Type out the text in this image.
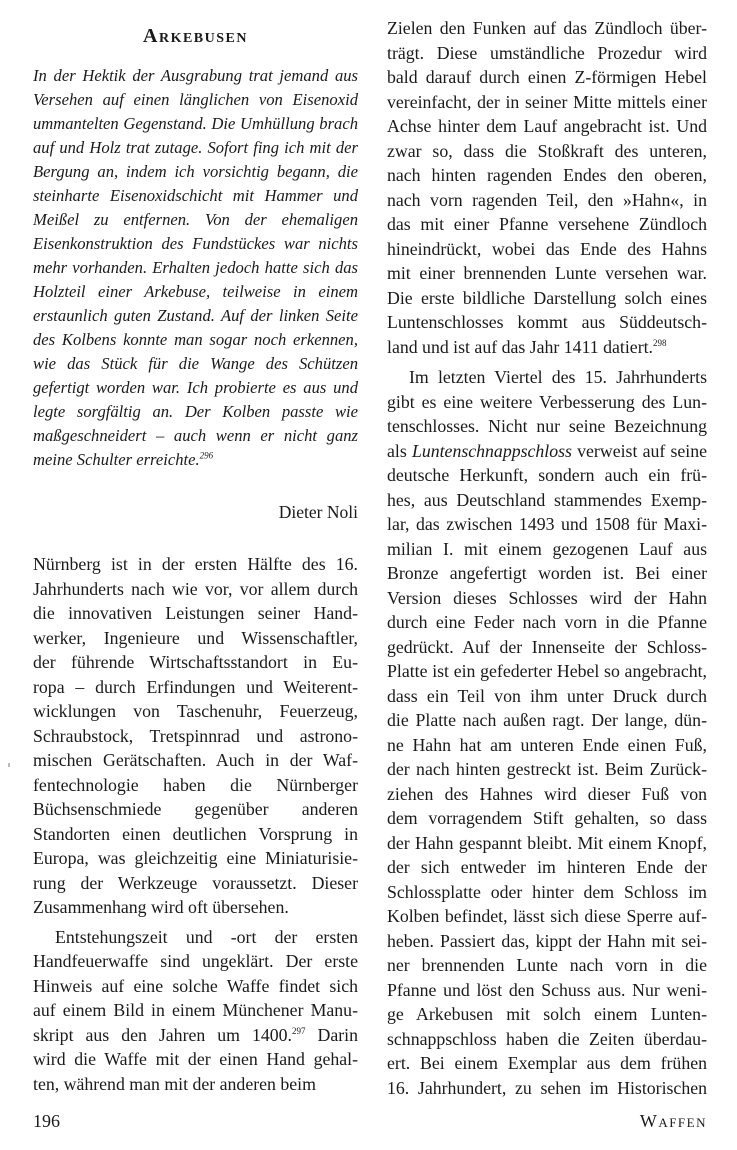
Arkebusen

In der Hektik der Ausgrabung trat jemand aus Versehen auf einen länglichen von Eisenoxid ummantelten Gegenstand. Die Umhüllung brach auf und Holz trat zutage. Sofort fing ich mit der Bergung an, indem ich vorsichtig begann, die steinharte Eisenoxidschicht mit Hammer und Meißel zu entfernen. Von der ehemaligen Eisenkonstruktion des Fundstückes war nichts mehr vorhanden. Erhalten jedoch hatte sich das Holzteil einer Arkebuse, teilweise in einem erstaunlich guten Zustand. Auf der linken Seite des Kolbens konnte man sogar noch erkennen, wie das Stück für die Wange des Schützen gefertigt worden war. Ich probierte es aus und legte sorgfältig an. Der Kolben passte wie maßgeschneidert – auch wenn er nicht ganz meine Schulter erreichte.$^{296}$

Dieter Noli

Nürnberg ist in der ersten Hälfte des 16.
Jahrhunderts nach wie vor, vor allem durch
die innovativen Leistungen seiner Hand-
werker, Ingenieure und Wissenschaftler,
der führende Wirtschaftsstandort in Eu-
ropa – durch Erfindungen und Weiterent-
wicklungen von Taschenuhr, Feuerzeug,
Schraubstock, Tretspinnrad und astrono-
mischen Gerätschaften. Auch in der Waf-
fentechnologie haben die Nürnberger
Büchsenschmiede gegenüber anderen
Standorten einen deutlichen Vorsprung in
Europa, was gleichzeitig eine Miniaturisie-
rung der Werkzeuge voraussetzt. Dieser
Zusammenhang wird oft übersehen.

Entstehungszeit und -ort der ersten
Handfeuerwaffe sind ungeklärt. Der erste
Hinweis auf eine solche Waffe findet sich
auf einem Bild in einem Münchener Manu-
skript aus den Jahren um 1400.$^{297}$ Darin
wird die Waffe mit der einen Hand gehal-
ten, während man mit der anderen beim

Zielen den Funken auf das Zündloch über-
trägt. Diese umständliche Prozedur wird
bald darauf durch einen Z-förmigen Hebel
vereinfacht, der in seiner Mitte mittels einer
Achse hinter dem Lauf angebracht ist. Und
zwar so, dass die Stoßkraft des unteren,
nach hinten ragenden Endes den oberen,
nach vorn ragenden Teil, den »Hahn«, in
das mit einer Pfanne versehene Zündloch
hineindrückt, wobei das Ende des Hahns
mit einer brennenden Lunte versehen war.
Die erste bildliche Darstellung solch eines
Luntenschlosses kommt aus Süddeutsch-
land und ist auf das Jahr 1411 datiert.$^{298}$

Im letzten Viertel des 15. Jahrhunderts
gibt es eine weitere Verbesserung des Lun-
tenschlosses. Nicht nur seine Bezeichnung
als Luntenschnappschloss verweist auf seine
deutsche Herkunft, sondern auch ein frü-
hes, aus Deutschland stammendes Exemp-
lar, das zwischen 1493 und 1508 für Maxi-
milian I. mit einem gezogenen Lauf aus
Bronze angefertigt worden ist. Bei einer
Version dieses Schlosses wird der Hahn
durch eine Feder nach vorn in die Pfanne
gedrückt. Auf der Innenseite der Schloss-
Platte ist ein gefederter Hebel so angebracht,
dass ein Teil von ihm unter Druck durch
die Platte nach außen ragt. Der lange, dün-
ne Hahn hat am unteren Ende einen Fuß,
der nach hinten gestreckt ist. Beim Zurück-
ziehen des Hahnes wird dieser Fuß von
dem vorragendem Stift gehalten, so dass
der Hahn gespannt bleibt. Mit einem Knopf,
der sich entweder im hinteren Ende der
Schlossplatte oder hinter dem Schloss im
Kolben befindet, lässt sich diese Sperre auf-
heben. Passiert das, kippt der Hahn mit sei-
ner brennenden Lunte nach vorn in die
Pfanne und löst den Schuss aus. Nur weni-
ge Arkebusen mit solch einem Lunten-
schnappschloss haben die Zeiten überdau-
ert. Bei einem Exemplar aus dem frühen
16. Jahrhundert, zu sehen im Historischen

196	Waffen
